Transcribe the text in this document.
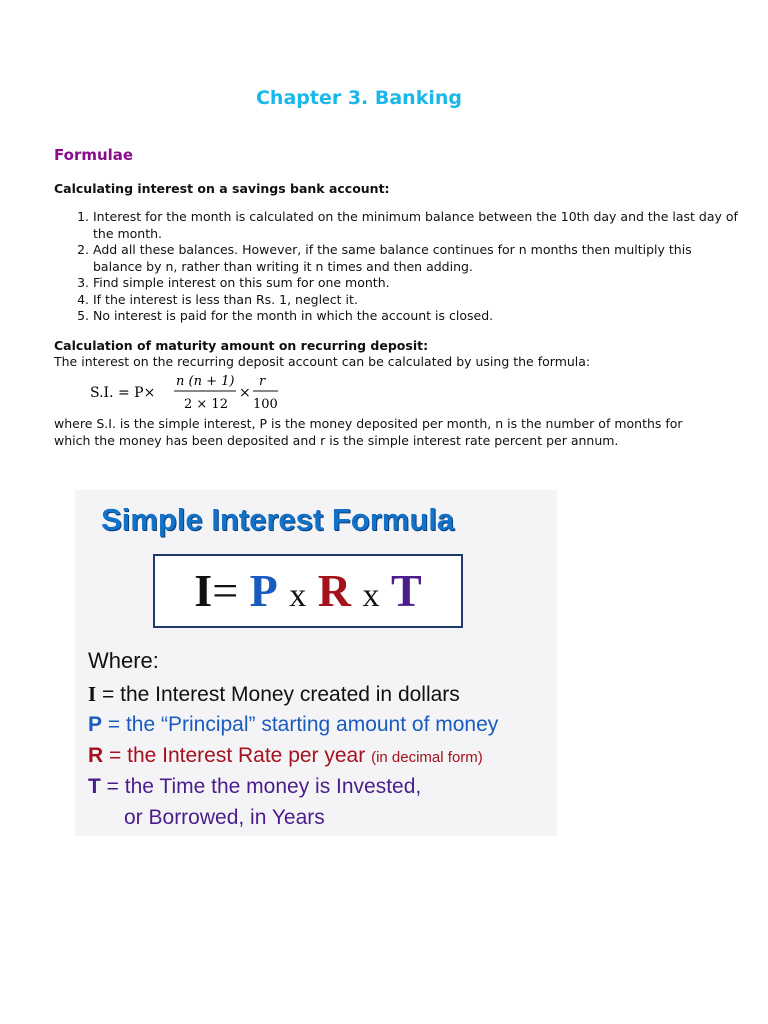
Chapter 3. Banking
Formulae
Calculating interest on a savings bank account:
1. Interest for the month is calculated on the minimum balance between the 10th day and the last day of the month.
2. Add all these balances. However, if the same balance continues for n months then multiply this balance by n, rather than writing it n times and then adding.
3. Find simple interest on this sum for one month.
4. If the interest is less than Rs. 1, neglect it.
5. No interest is paid for the month in which the account is closed.
Calculation of maturity amount on recurring deposit:
The interest on the recurring deposit account can be calculated by using the formula:
S.I. = P×
n (n + 1)
2 × 12
×
r
100
where S.I. is the simple interest, P is the money deposited per month, n is the number of months for which the money has been deposited and r is the simple interest rate percent per annum.
Simple Interest Formula
I= P x R x T
Where:
I = the Interest Money created in dollars
P = the “Principal” starting amount of money
R = the Interest Rate per year (in decimal form)
T = the Time the money is Invested,
or Borrowed, in Years
